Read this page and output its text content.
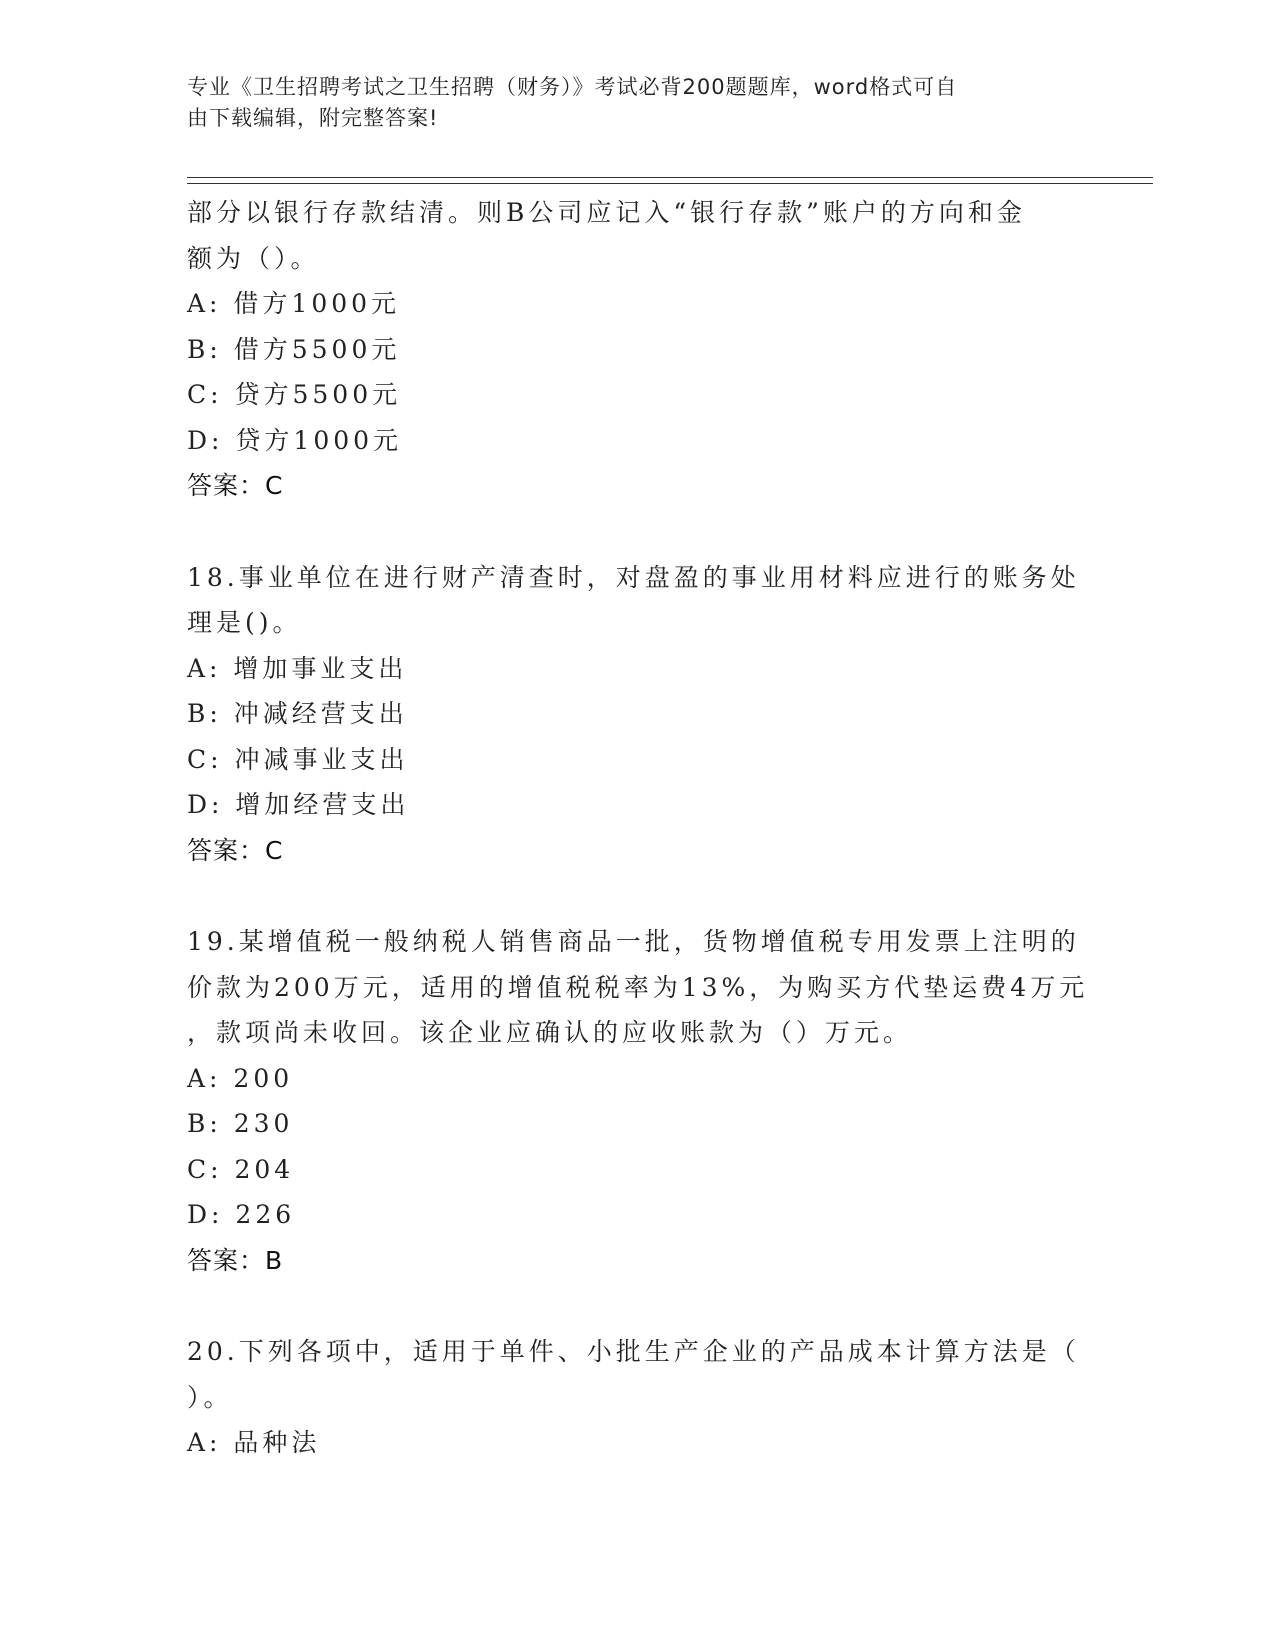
专业《卫生招聘考试之卫生招聘（财务）》考试必背200题题库，word格式可自
由下载编辑，附完整答案!
部分以银行存款结清。则B公司应记入“银行存款”账户的方向和金
额为（）。
A: 借方1000元
B: 借方5500元
C: 贷方5500元
D: 贷方1000元
答案：C
18.事业单位在进行财产清查时，对盘盈的事业用材料应进行的账务处
理是()。
A: 增加事业支出
B: 冲减经营支出
C: 冲减事业支出
D: 增加经营支出
答案：C
19.某增值税一般纳税人销售商品一批，货物增值税专用发票上注明的
价款为200万元，适用的增值税税率为13%，为购买方代垫运费4万元
，款项尚未收回。该企业应确认的应收账款为（）万元。
A: 200
B: 230
C: 204
D: 226
答案：B
20.下列各项中，适用于单件、小批生产企业的产品成本计算方法是（
）。
A: 品种法
